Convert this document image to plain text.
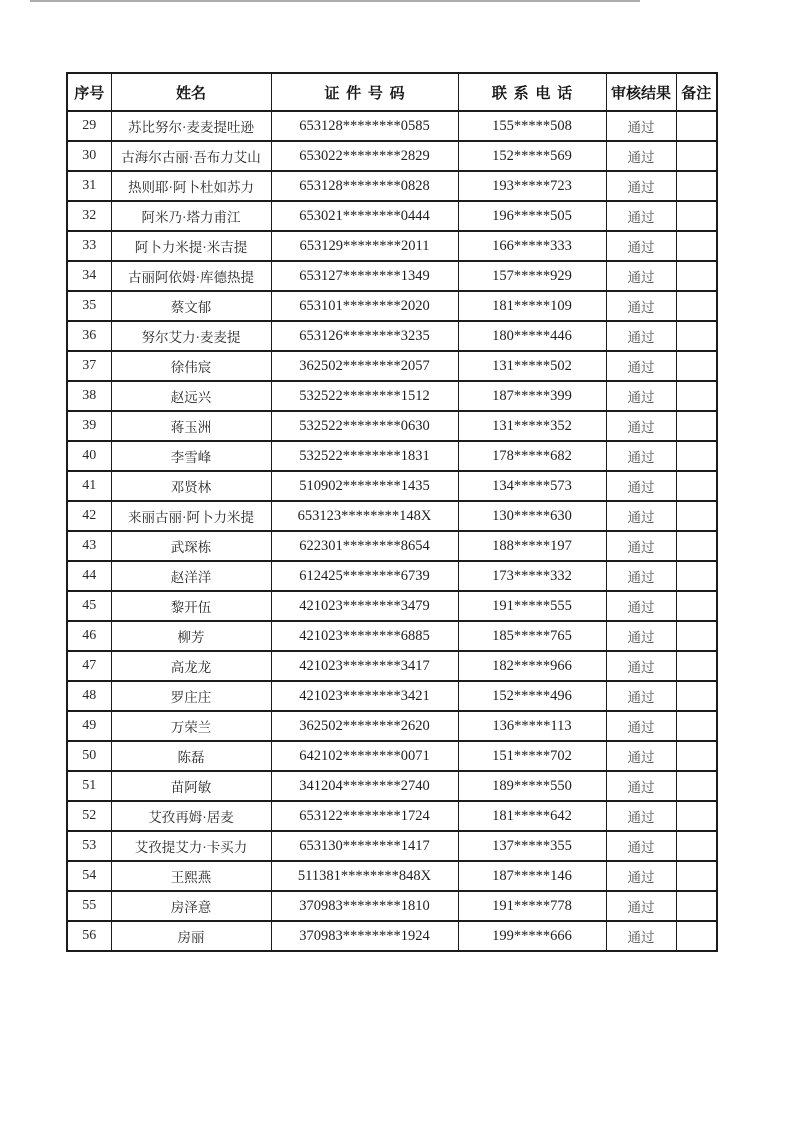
序号	姓名	证件号码	联系电话	审核结果	备注
29	苏比努尔·麦麦提吐逊	653128********0585	155*****508	通过	
30	古海尔古丽·吾布力艾山	653022********2829	152*****569	通过	
31	热则耶·阿卜杜如苏力	653128********0828	193*****723	通过	
32	阿米乃·塔力甫江	653021********0444	196*****505	通过	
33	阿卜力米提·米吉提	653129********2011	166*****333	通过	
34	古丽阿依姆·库德热提	653127********1349	157*****929	通过	
35	蔡文郁	653101********2020	181*****109	通过	
36	努尔艾力·麦麦提	653126********3235	180*****446	通过	
37	徐伟宸	362502********2057	131*****502	通过	
38	赵远兴	532522********1512	187*****399	通过	
39	蒋玉洲	532522********0630	131*****352	通过	
40	李雪峰	532522********1831	178*****682	通过	
41	邓贤林	510902********1435	134*****573	通过	
42	来丽古丽·阿卜力米提	653123********148X	130*****630	通过	
43	武琛栋	622301********8654	188*****197	通过	
44	赵洋洋	612425********6739	173*****332	通过	
45	黎开伍	421023********3479	191*****555	通过	
46	柳芳	421023********6885	185*****765	通过	
47	高龙龙	421023********3417	182*****966	通过	
48	罗庄庄	421023********3421	152*****496	通过	
49	万荣兰	362502********2620	136*****113	通过	
50	陈磊	642102********0071	151*****702	通过	
51	苗阿敏	341204********2740	189*****550	通过	
52	艾孜再姆·居麦	653122********1724	181*****642	通过	
53	艾孜提艾力·卡买力	653130********1417	137*****355	通过	
54	王熙燕	511381********848X	187*****146	通过	
55	房泽意	370983********1810	191*****778	通过	
56	房丽	370983********1924	199*****666	通过	
